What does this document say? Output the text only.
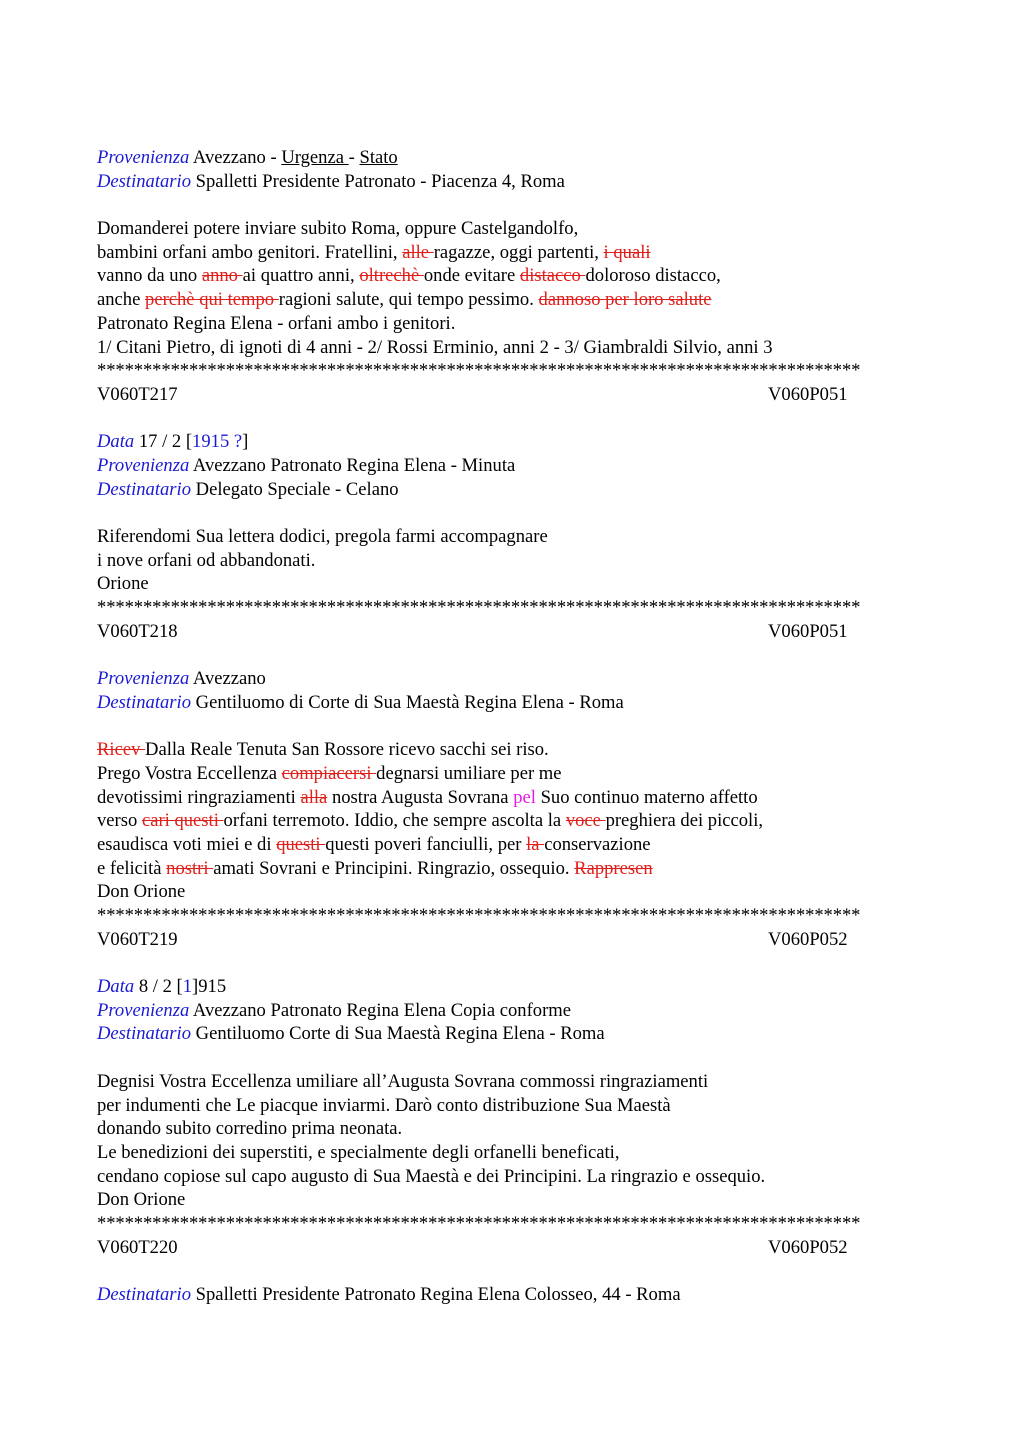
Provenienza Avezzano - Urgenza - Stato
Destinatario Spalletti Presidente Patronato - Piacenza 4, Roma
Domanderei potere inviare subito Roma, oppure Castelgandolfo,
bambini orfani ambo genitori. Fratellini, alle ragazze, oggi partenti, i quali
vanno da uno anno ai quattro anni, oltrechè onde evitare distacco doloroso distacco,
anche perchè qui tempo ragioni salute, qui tempo pessimo. dannoso per loro salute
Patronato Regina Elena - orfani ambo i genitori.
1/ Citani Pietro, di ignoti di 4 anni - 2/ Rossi Erminio, anni 2 - 3/ Giambraldi Silvio, anni 3
***********************************************************************************
V060T217	V060P051
Data 17 / 2 [1915 ?]
Provenienza Avezzano Patronato Regina Elena - Minuta
Destinatario Delegato Speciale - Celano
Riferendomi Sua lettera dodici, pregola farmi accompagnare
i nove orfani od abbandonati.
Orione
***********************************************************************************
V060T218	V060P051
Provenienza Avezzano
Destinatario Gentiluomo di Corte di Sua Maestà Regina Elena - Roma
Ricev Dalla Reale Tenuta San Rossore ricevo sacchi sei riso.
Prego Vostra Eccellenza compiacersi degnarsi umiliare per me
devotissimi ringraziamenti alla nostra Augusta Sovrana pel Suo continuo materno affetto
verso cari questi orfani terremoto. Iddio, che sempre ascolta la voce preghiera dei piccoli,
esaudisca voti miei e di questi questi poveri fanciulli, per la conservazione
e felicità nostri amati Sovrani e Principini. Ringrazio, ossequio. Rappresen
Don Orione
***********************************************************************************
V060T219	V060P052
Data 8 / 2 [1]915
Provenienza Avezzano Patronato Regina Elena Copia conforme
Destinatario Gentiluomo Corte di Sua Maestà Regina Elena - Roma
Degnisi Vostra Eccellenza umiliare all’Augusta Sovrana commossi ringraziamenti
per indumenti che Le piacque inviarmi. Darò conto distribuzione Sua Maestà
donando subito corredino prima neonata.
Le benedizioni dei superstiti, e specialmente degli orfanelli beneficati,
cendano copiose sul capo augusto di Sua Maestà e dei Principini. La ringrazio e ossequio.
Don Orione
***********************************************************************************
V060T220	V060P052
Destinatario Spalletti Presidente Patronato Regina Elena Colosseo, 44 - Roma
